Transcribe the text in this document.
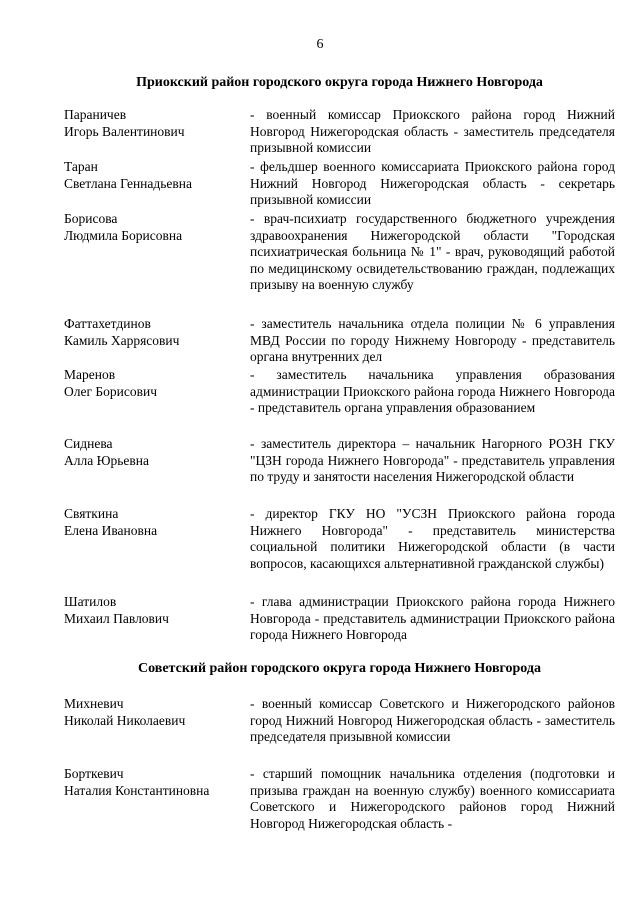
6
Приокский район городского округа города Нижнего Новгорода
Параничев
Игорь Валентинович
- военный комиссар Приокского района город Нижний Новгород Нижегородская область - заместитель председателя призывной комиссии
Таран
Светлана Геннадьевна
- фельдшер военного комиссариата Приокского района город Нижний Новгород Нижегородская область - секретарь призывной комиссии
Борисова
Людмила Борисовна
- врач-психиатр государственного бюджетного учреждения здравоохранения Нижегородской области "Городская психиатрическая больница № 1" - врач, руководящий работой по медицинскому освидетельствованию граждан, подлежащих призыву на военную службу
Фаттахетдинов
Камиль Харрясович
- заместитель начальника отдела полиции № 6 управления МВД России по городу Нижнему Новгороду - представитель органа внутренних дел
Маренов
Олег Борисович
- заместитель начальника управления образования администрации Приокского района города Нижнего Новгорода - представитель органа управления образованием
Сиднева
Алла Юрьевна
- заместитель директора – начальник Нагорного РОЗН ГКУ "ЦЗН города Нижнего Новгорода" - представитель управления по труду и занятости населения Нижегородской области
Святкина
Елена Ивановна
- директор ГКУ НО "УСЗН Приокского района города Нижнего Новгорода" - представитель министерства социальной политики Нижегородской области (в части вопросов, касающихся альтернативной гражданской службы)
Шатилов
Михаил Павлович
- глава администрации Приокского района города Нижнего Новгорода - представитель администрации Приокского района города Нижнего Новгорода
Советский район городского округа города Нижнего Новгорода
Михневич
Николай Николаевич
- военный комиссар Советского и Нижегородского районов город Нижний Новгород Нижегородская область - заместитель председателя призывной комиссии
Борткевич
Наталия Константиновна
- старший помощник начальника отделения (подготовки и призыва граждан на военную службу) военного комиссариата Советского и Нижегородского районов город Нижний Новгород Нижегородская область -
